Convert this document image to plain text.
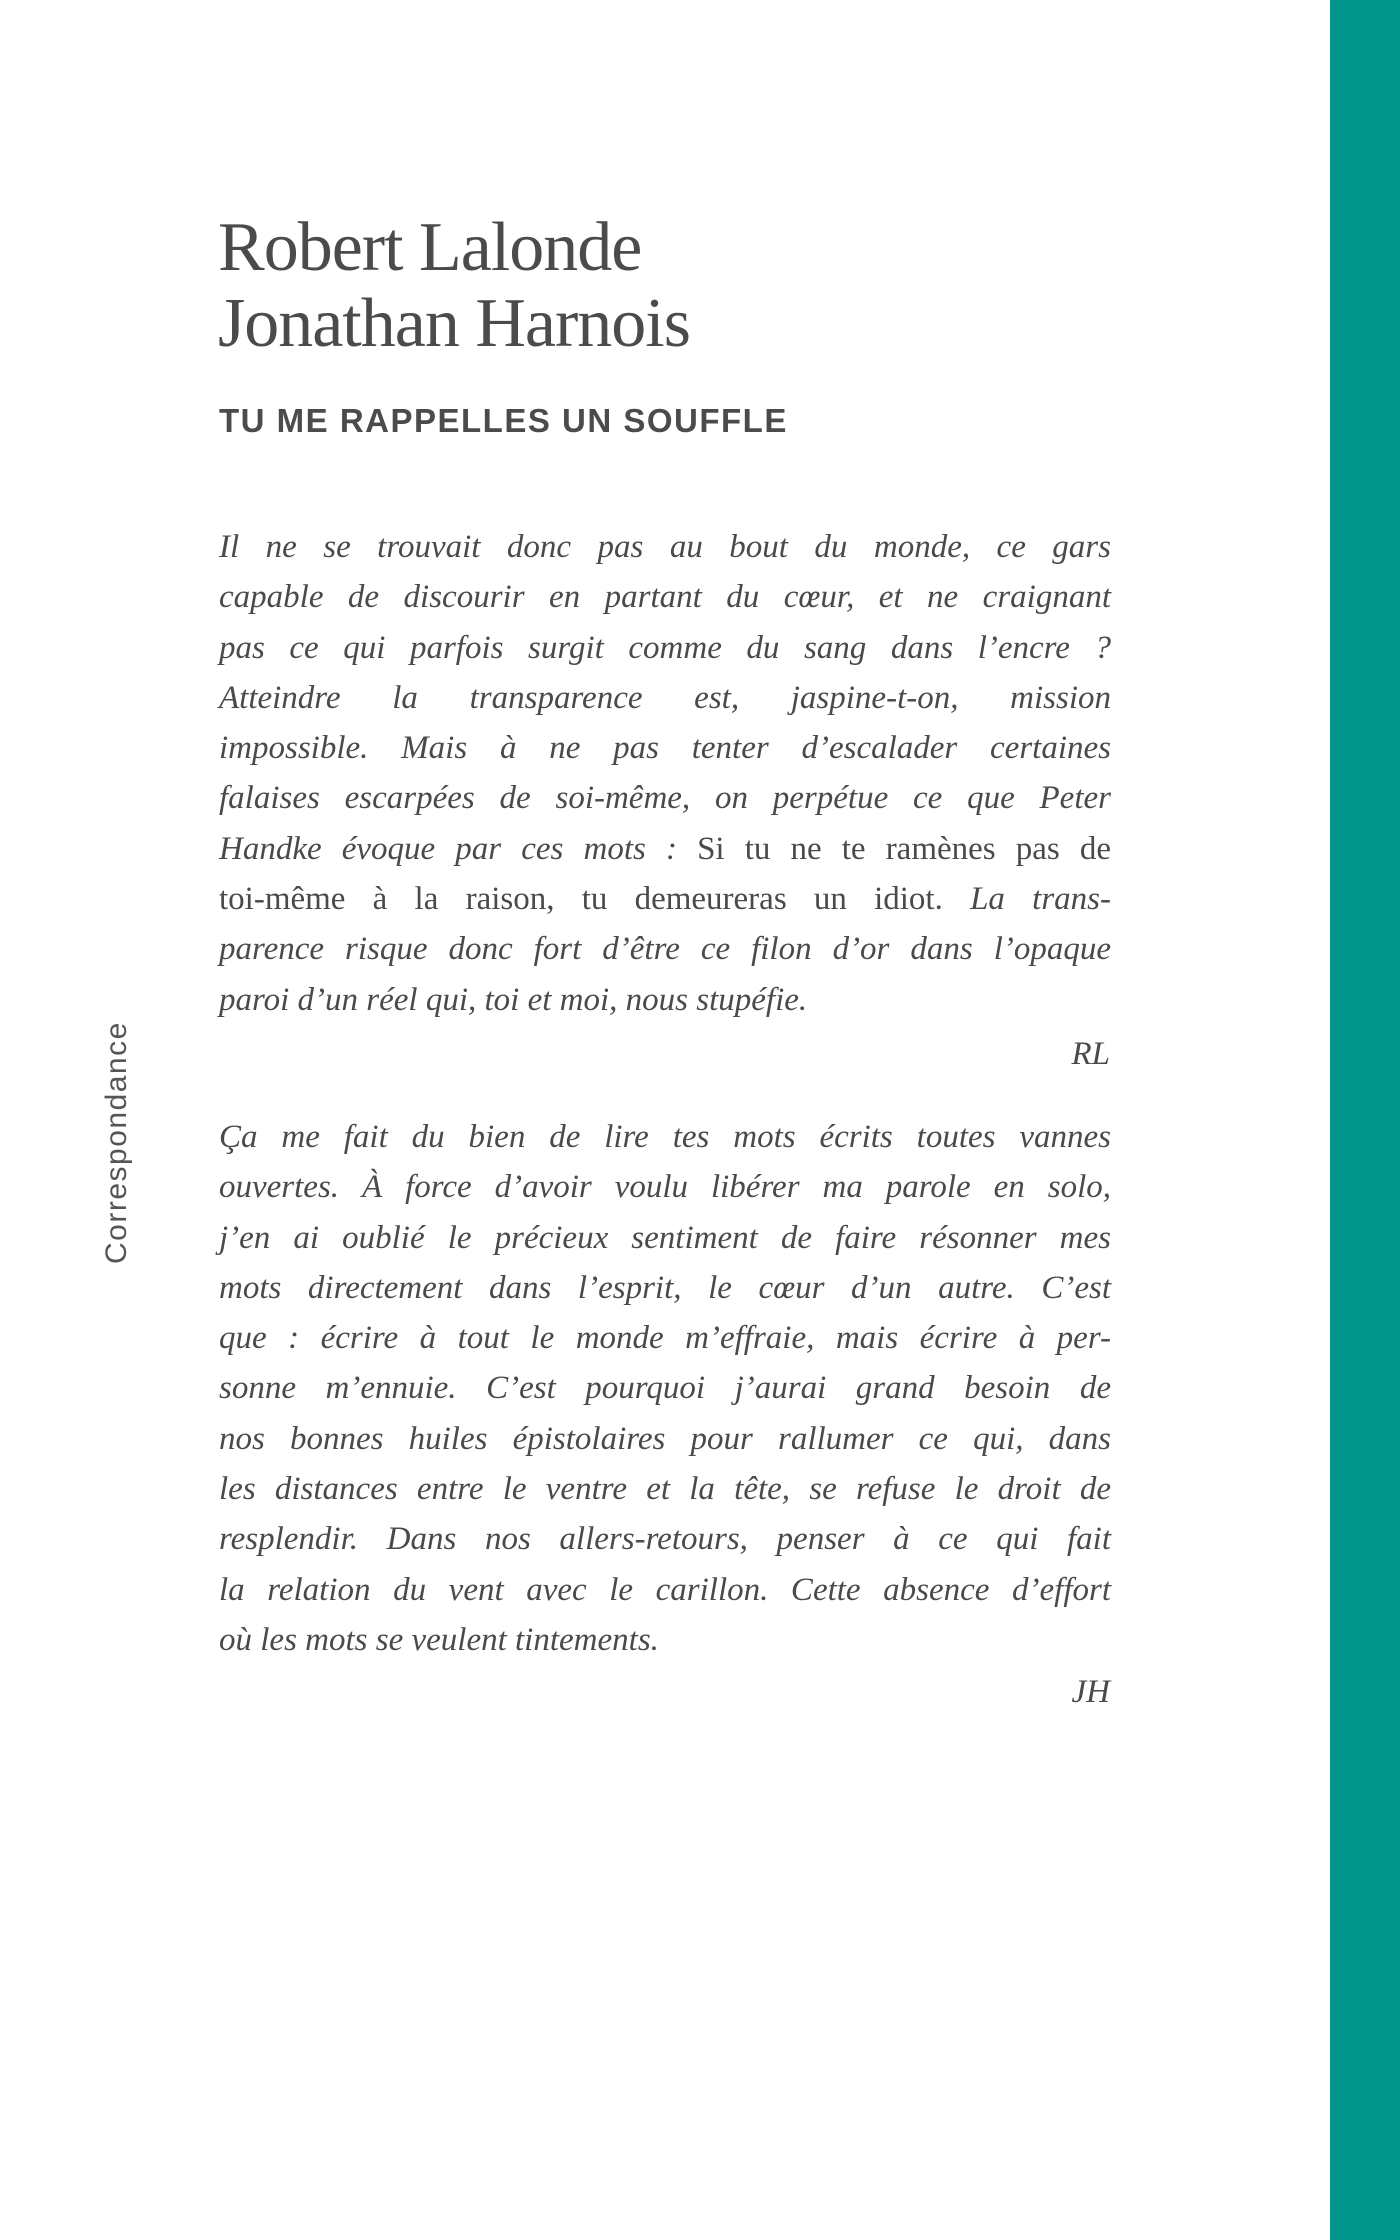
Robert Lalonde
Jonathan Harnois
TU ME RAPPELLES UN SOUFFLE
Correspondance
Il ne se trouvait donc pas au bout du monde, ce gars
capable de discourir en partant du cœur, et ne craignant
pas ce qui parfois surgit comme du sang dans l’encre ?
Atteindre la transparence est, jaspine-t-on, mission
impossible. Mais à ne pas tenter d’escalader certaines
falaises escarpées de soi-même, on perpétue ce que Peter
Handke évoque par ces mots : Si tu ne te ramènes pas de
toi-même à la raison, tu demeureras un idiot. La trans-
parence risque donc fort d’être ce filon d’or dans l’opaque
paroi d’un réel qui, toi et moi, nous stupéfie.
RL
Ça me fait du bien de lire tes mots écrits toutes vannes
ouvertes. À force d’avoir voulu libérer ma parole en solo,
j’en ai oublié le précieux sentiment de faire résonner mes
mots directement dans l’esprit, le cœur d’un autre. C’est
que : écrire à tout le monde m’effraie, mais écrire à per-
sonne m’ennuie. C’est pourquoi j’aurai grand besoin de
nos bonnes huiles épistolaires pour rallumer ce qui, dans
les distances entre le ventre et la tête, se refuse le droit de
resplendir. Dans nos allers-retours, penser à ce qui fait
la relation du vent avec le carillon. Cette absence d’effort
où les mots se veulent tintements.
JH
